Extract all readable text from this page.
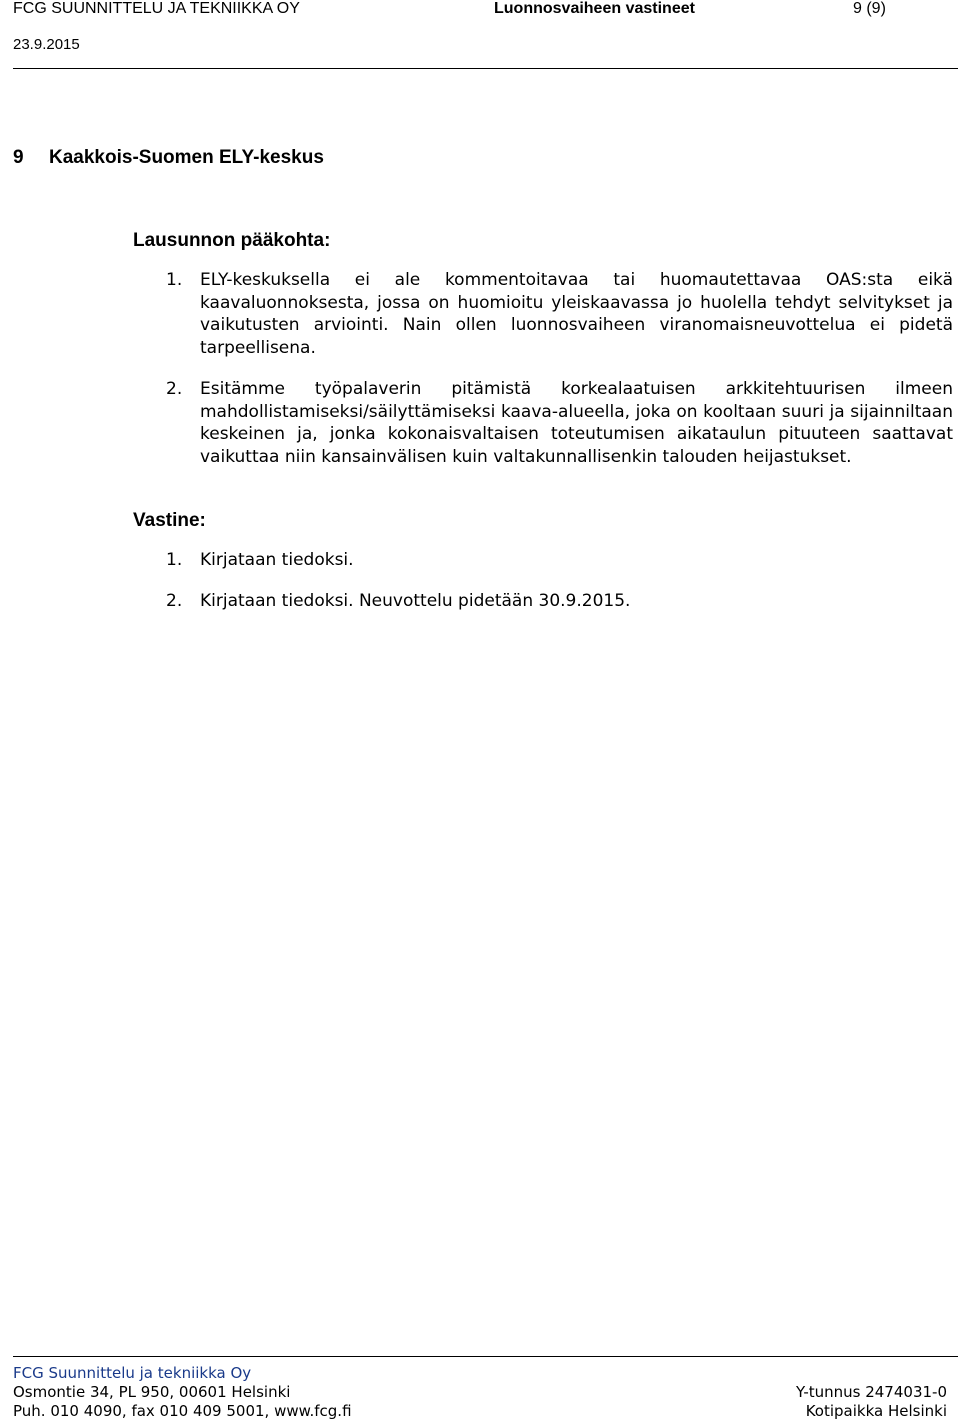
FCG SUUNNITTELU JA TEKNIIKKA OY	Luonnosvaiheen vastineet	9 (9)
23.9.2015
9 Kaakkois-Suomen ELY-keskus
Lausunnon pääkohta:
1. ELY-keskuksella ei ale kommentoitavaa tai huomautettavaa OAS:sta eikä kaavaluonnoksesta, jossa on huomioitu yleiskaavassa jo huolella tehdyt selvitykset ja vaikutusten arviointi. Nain ollen luonnosvaiheen viranomaisneuvottelua ei pidetä tarpeellisena.
2. Esitämme työpalaverin pitämistä korkealaatuisen arkkitehtuurisen ilmeen mahdollistamiseksi/säilyttämiseksi kaava-alueella, joka on kooltaan suuri ja sijainniltaan keskeinen ja, jonka kokonaisvaltaisen toteutumisen aikataulun pituuteen saattavat vaikuttaa niin kansainvälisen kuin valtakunnallisenkin talouden heijastukset.
Vastine:
1. Kirjataan tiedoksi.
2. Kirjataan tiedoksi. Neuvottelu pidetään 30.9.2015.
FCG Suunnittelu ja tekniikka Oy
Osmontie 34, PL 950, 00601 Helsinki
Puh. 010 4090, fax 010 409 5001, www.fcg.fi
Y-tunnus 2474031-0
Kotipaikka Helsinki
